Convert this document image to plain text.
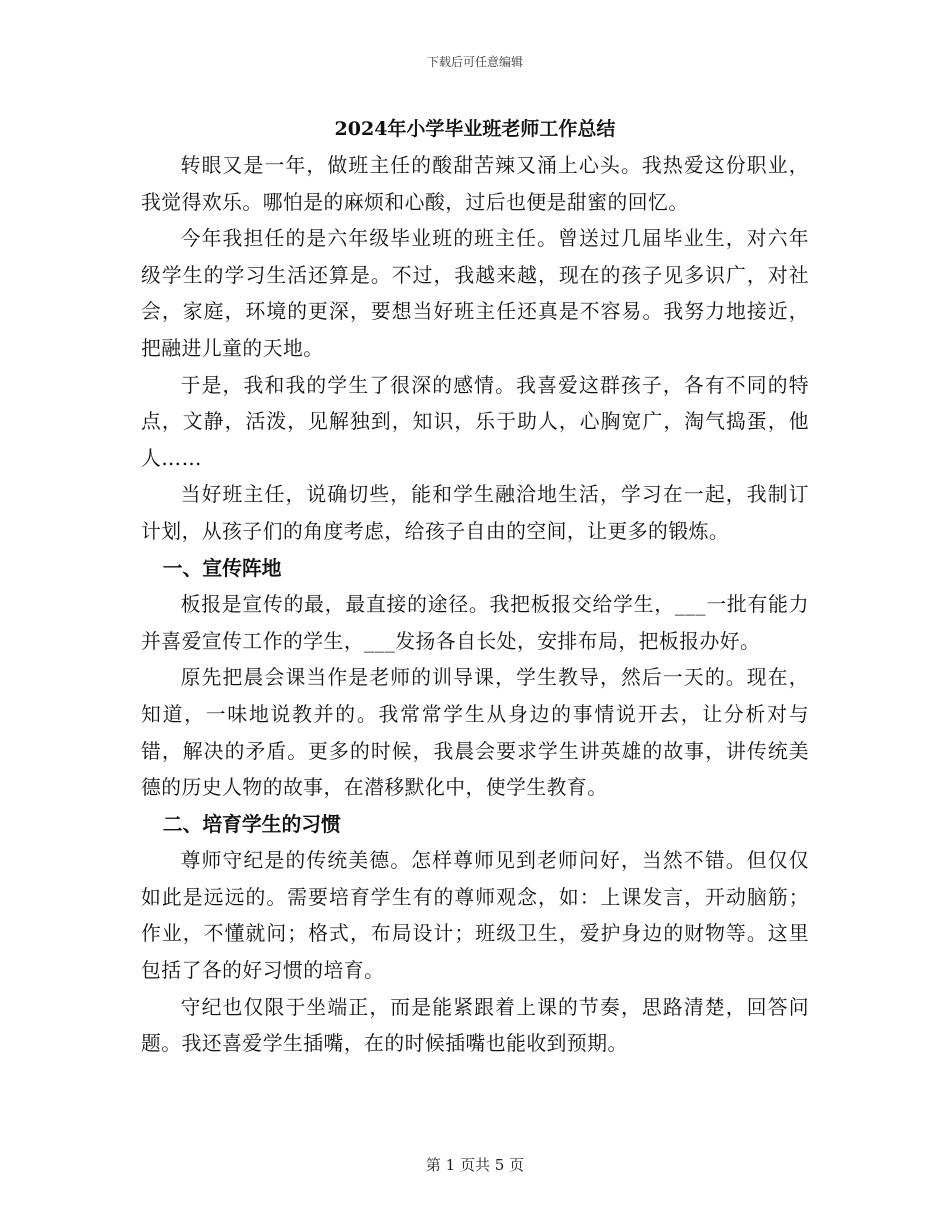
下载后可任意编辑
2024年小学毕业班老师工作总结

转眼又是一年，做班主任的酸甜苦辣又涌上心头。我热爱这份职业，我觉得欢乐。哪怕是的麻烦和心酸，过后也便是甜蜜的回忆。

今年我担任的是六年级毕业班的班主任。曾送过几届毕业生，对六年级学生的学习生活还算是。不过，我越来越，现在的孩子见多识广，对社会，家庭，环境的更深，要想当好班主任还真是不容易。我努力地接近，把融进儿童的天地。

于是，我和我的学生了很深的感情。我喜爱这群孩子，各有不同的特点，文静，活泼，见解独到，知识，乐于助人，心胸宽广，淘气捣蛋，他人……

当好班主任，说确切些，能和学生融洽地生活，学习在一起，我制订计划，从孩子们的角度考虑，给孩子自由的空间，让更多的锻炼。

一、宣传阵地

板报是宣传的最，最直接的途径。我把板报交给学生，___一批有能力并喜爱宣传工作的学生，___发扬各自长处，安排布局，把板报办好。

原先把晨会课当作是老师的训导课，学生教导，然后一天的。现在，知道，一味地说教并的。我常常学生从身边的事情说开去，让分析对与错，解决的矛盾。更多的时候，我晨会要求学生讲英雄的故事，讲传统美德的历史人物的故事，在潜移默化中，使学生教育。

二、培育学生的习惯

尊师守纪是的传统美德。怎样尊师见到老师问好，当然不错。但仅仅如此是远远的。需要培育学生有的尊师观念，如：上课发言，开动脑筋；作业，不懂就问；格式，布局设计；班级卫生，爱护身边的财物等。这里包括了各的好习惯的培育。

守纪也仅限于坐端正，而是能紧跟着上课的节奏，思路清楚，回答问题。我还喜爱学生插嘴，在的时候插嘴也能收到预期。

第 1 页共 5 页
